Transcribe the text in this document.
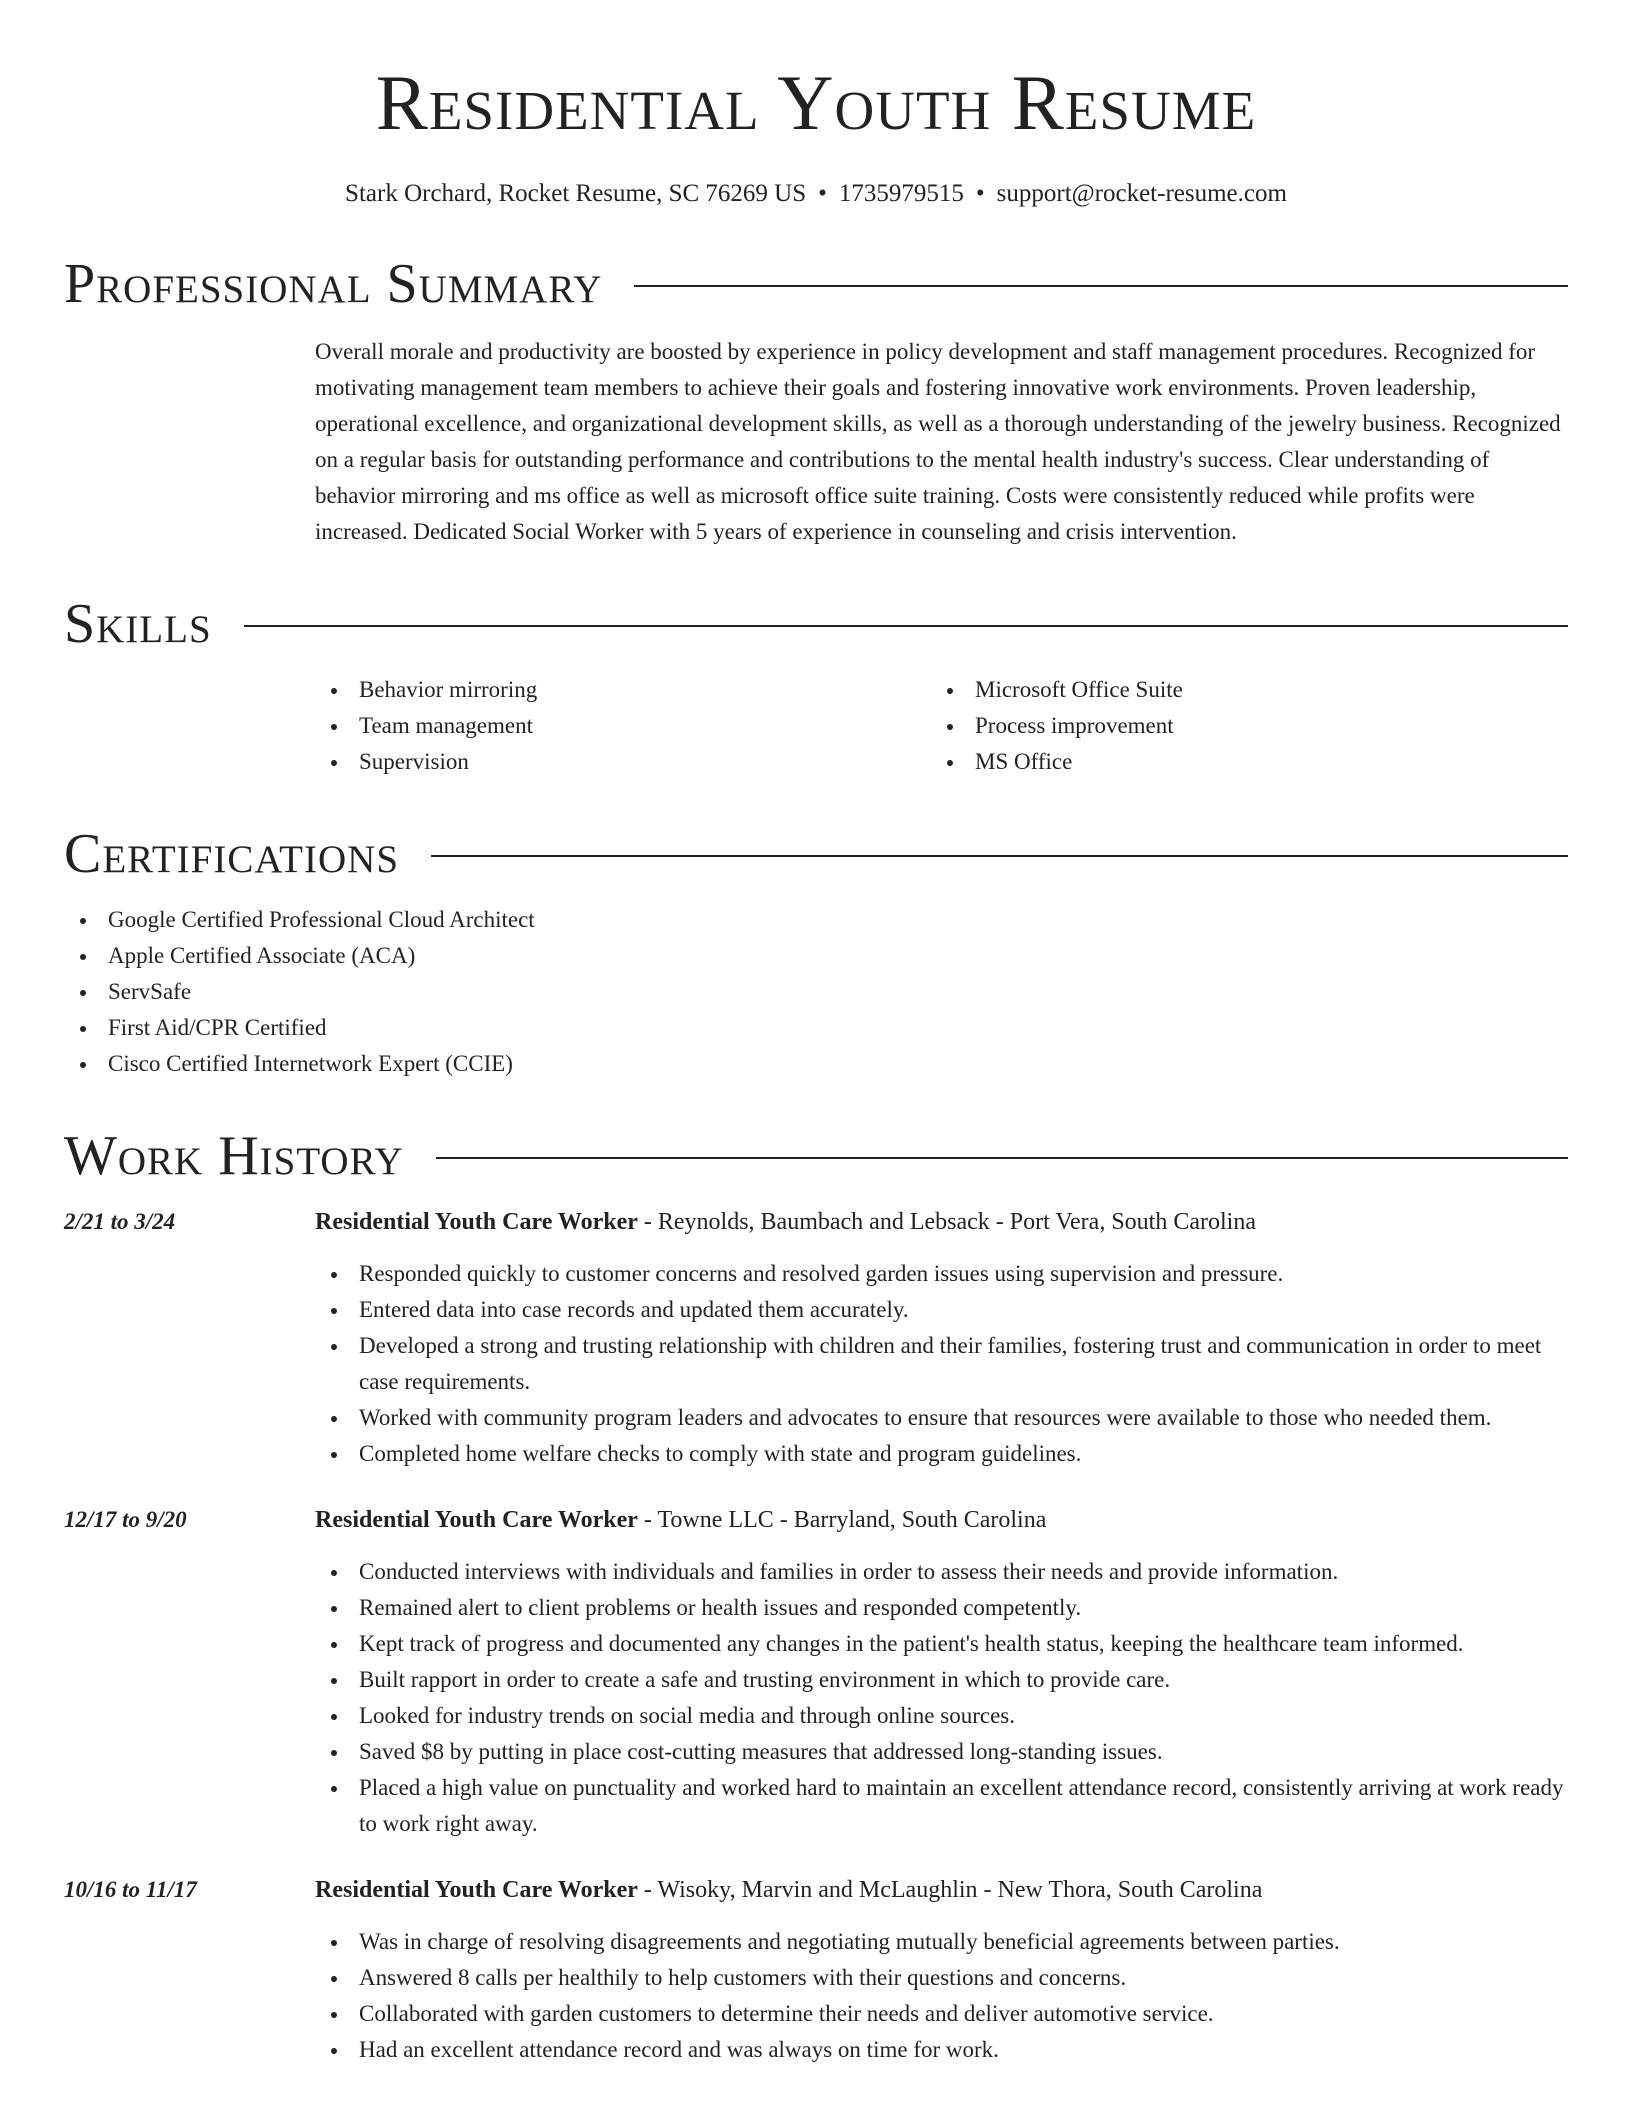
Residential Youth Resume
Stark Orchard, Rocket Resume, SC 76269 US • 1735979515 • support@rocket-resume.com
Professional Summary
Overall morale and productivity are boosted by experience in policy development and staff management procedures. Recognized for motivating management team members to achieve their goals and fostering innovative work environments. Proven leadership, operational excellence, and organizational development skills, as well as a thorough understanding of the jewelry business. Recognized on a regular basis for outstanding performance and contributions to the mental health industry's success. Clear understanding of behavior mirroring and ms office as well as microsoft office suite training. Costs were consistently reduced while profits were increased. Dedicated Social Worker with 5 years of experience in counseling and crisis intervention.
Skills
Behavior mirroring
Team management
Supervision
Microsoft Office Suite
Process improvement
MS Office
Certifications
Google Certified Professional Cloud Architect
Apple Certified Associate (ACA)
ServSafe
First Aid/CPR Certified
Cisco Certified Internetwork Expert (CCIE)
Work History
2/21 to 3/24	Residential Youth Care Worker - Reynolds, Baumbach and Lebsack - Port Vera, South Carolina
Responded quickly to customer concerns and resolved garden issues using supervision and pressure.
Entered data into case records and updated them accurately.
Developed a strong and trusting relationship with children and their families, fostering trust and communication in order to meet case requirements.
Worked with community program leaders and advocates to ensure that resources were available to those who needed them.
Completed home welfare checks to comply with state and program guidelines.
12/17 to 9/20	Residential Youth Care Worker - Towne LLC - Barryland, South Carolina
Conducted interviews with individuals and families in order to assess their needs and provide information.
Remained alert to client problems or health issues and responded competently.
Kept track of progress and documented any changes in the patient's health status, keeping the healthcare team informed.
Built rapport in order to create a safe and trusting environment in which to provide care.
Looked for industry trends on social media and through online sources.
Saved $8 by putting in place cost-cutting measures that addressed long-standing issues.
Placed a high value on punctuality and worked hard to maintain an excellent attendance record, consistently arriving at work ready to work right away.
10/16 to 11/17	Residential Youth Care Worker - Wisoky, Marvin and McLaughlin - New Thora, South Carolina
Was in charge of resolving disagreements and negotiating mutually beneficial agreements between parties.
Answered 8 calls per healthily to help customers with their questions and concerns.
Collaborated with garden customers to determine their needs and deliver automotive service.
Had an excellent attendance record and was always on time for work.
